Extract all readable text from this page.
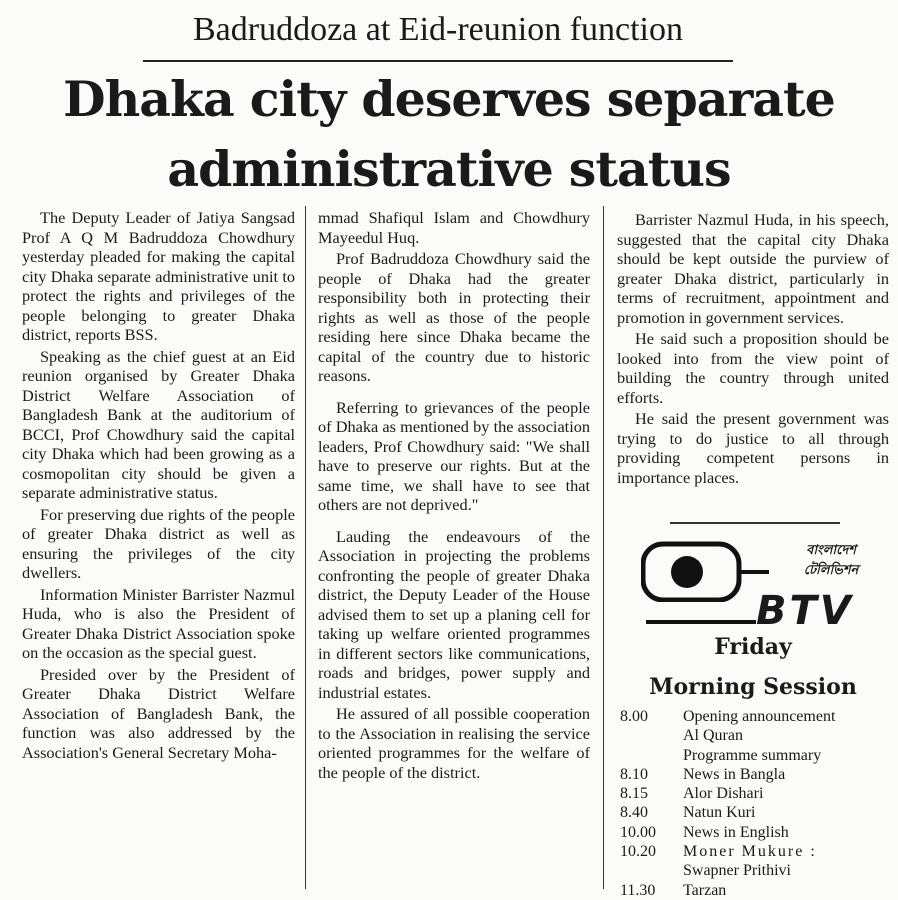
Badruddoza at Eid-reunion function
Dhaka city deserves separate
administrative status

The Deputy Leader of Jatiya Sangsad Prof A Q M Badruddoza Chowdhury yesterday pleaded for making the capital city Dhaka separate administrative unit to protect the rights and privileges of the people belonging to greater Dhaka district, reports BSS.

Speaking as the chief guest at an Eid reunion organised by Greater Dhaka District Welfare Association of Bangladesh Bank at the auditorium of BCCI, Prof Chowdhury said the capital city Dhaka which had been growing as a cosmopolitan city should be given a separate administrative status.

For preserving due rights of the people of greater Dhaka district as well as ensuring the privileges of the city dwellers.

Information Minister Barrister Nazmul Huda, who is also the President of Greater Dhaka District Association spoke on the occasion as the special guest.

Presided over by the President of Greater Dhaka District Welfare Association of Bangladesh Bank, the function was also addressed by the Association's General Secretary Moha-

mmad Shafiqul Islam and Chowdhury Mayeedul Huq.

Prof Badruddoza Chowdhury said the people of Dhaka had the greater responsibility both in protecting their rights as well as those of the people residing here since Dhaka became the capital of the country due to historic reasons.

Referring to grievances of the people of Dhaka as mentioned by the association leaders, Prof Chowdhury said: "We shall have to preserve our rights. But at the same time, we shall have to see that others are not deprived."

Lauding the endeavours of the Association in projecting the problems confronting the people of greater Dhaka district, the Deputy Leader of the House advised them to set up a planing cell for taking up welfare oriented programmes in different sectors like communications, roads and bridges, power supply and industrial estates.

He assured of all possible cooperation to the Association in realising the service oriented programmes for the welfare of the people of the district.

Barrister Nazmul Huda, in his speech, suggested that the capital city Dhaka should be kept outside the purview of greater Dhaka district, particularly in terms of recruitment, appointment and promotion in government services.

He said such a proposition should be looked into from the view point of building the country through united efforts.

He said the present government was trying to do justice to all through providing competent persons in importance places.

বাংলাদেশ
টেলিভিশন
BTV
Friday
Morning Session
8.00	Opening announcement
Al Quran
Programme summary
8.10	News in Bangla
8.15	Alor Dishari
8.40	Natun Kuri
10.00	News in English
10.20	Moner Mukure :
Swapner Prithivi
11.30	Tarzan
